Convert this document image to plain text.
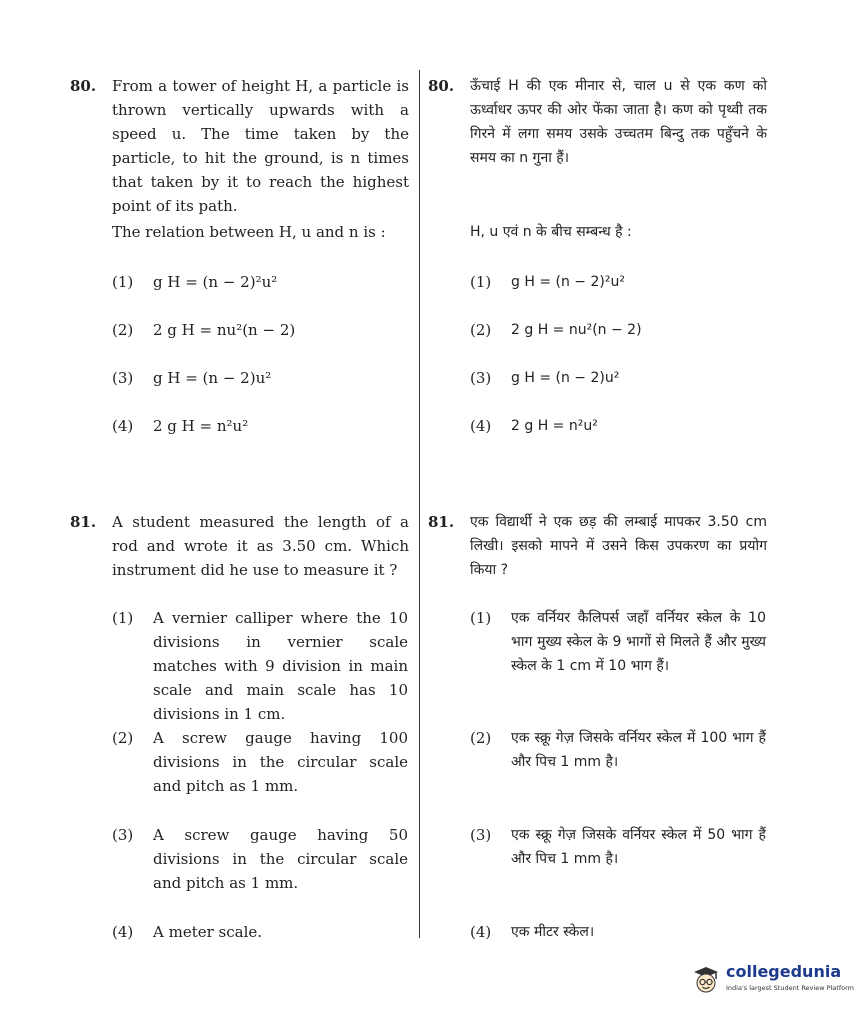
80. From a tower of height H, a particle is thrown vertically upwards with a speed u. The time taken by the particle, to hit the ground, is n times that taken by it to reach the highest point of its path.
The relation between H, u and n is :
(1) g H = (n − 2)²u²
(2) 2 g H = nu²(n − 2)
(3) g H = (n − 2)u²
(4) 2 g H = n²u²
81. A student measured the length of a rod and wrote it as 3.50 cm. Which instrument did he use to measure it ?
(1) A vernier calliper where the 10 divisions in vernier scale matches with 9 division in main scale and main scale has 10 divisions in 1 cm.
(2) A screw gauge having 100 divisions in the circular scale and pitch as 1 mm.
(3) A screw gauge having 50 divisions in the circular scale and pitch as 1 mm.
(4) A meter scale.
80. ऊँचाई H की एक मीनार से, चाल u से एक कण को ऊर्ध्वाधर ऊपर की ओर फेंका जाता है। कण को पृथ्वी तक गिरने में लगा समय उसके उच्चतम बिन्दु तक पहुँचने के समय का n गुना हैं।
H, u एवं n के बीच सम्बन्ध है :
(1) g H = (n − 2)²u²
(2) 2 g H = nu²(n − 2)
(3) g H = (n − 2)u²
(4) 2 g H = n²u²
81. एक विद्यार्थी ने एक छड़ की लम्बाई मापकर 3.50 cm लिखी। इसको मापने में उसने किस उपकरण का प्रयोग किया ?
(1) एक वर्नियर कैलिपर्स जहाँ वर्नियर स्केल के 10 भाग मुख्य स्केल के 9 भागों से मिलते हैं और मुख्य स्केल के 1 cm में 10 भाग हैं।
(2) एक स्क्रू गेज़ जिसके वर्नियर स्केल में 100 भाग हैं और पिच 1 mm है।
(3) एक स्क्रू गेज़ जिसके वर्नियर स्केल में 50 भाग हैं और पिच 1 mm है।
(4) एक मीटर स्केल।
collegedunia
India's largest Student Review Platform
